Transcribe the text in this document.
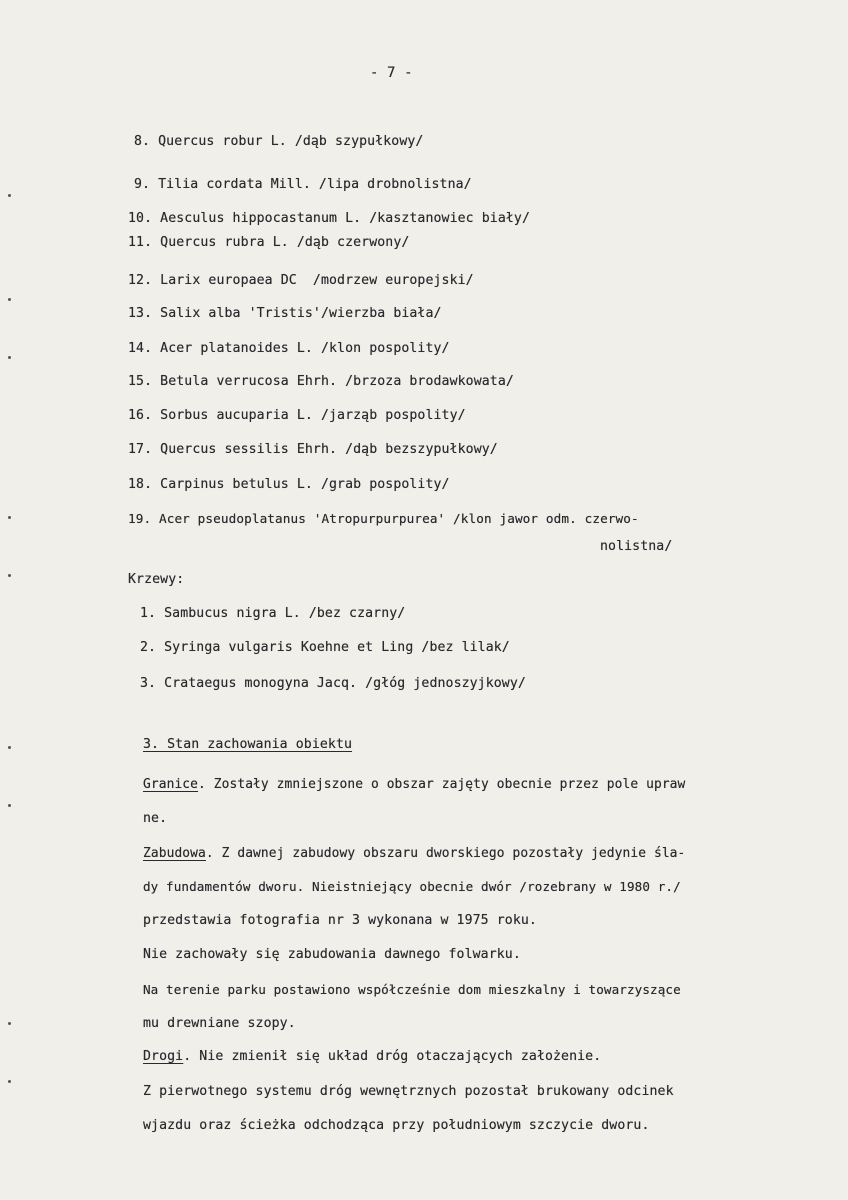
- 7 -
8. Quercus robur L. /dąb szypułkowy/
9. Tilia cordata Mill. /lipa drobnolistna/
10. Aesculus hippocastanum L. /kasztanowiec biały/
11. Quercus rubra L. /dąb czerwony/
12. Larix europaea DC  /modrzew europejski/
13. Salix alba 'Tristis'/wierzba biała/
14. Acer platanoides L. /klon pospolity/
15. Betula verrucosa Ehrh. /brzoza brodawkowata/
16. Sorbus aucuparia L. /jarząb pospolity/
17. Quercus sessilis Ehrh. /dąb bezszypułkowy/
18. Carpinus betulus L. /grab pospolity/
19. Acer pseudoplatanus 'Atropurpurpurea' /klon jawor odm. czerwo-
nolistna/
Krzewy:
1. Sambucus nigra L. /bez czarny/
2. Syringa vulgaris Koehne et Ling /bez lilak/
3. Crataegus monogyna Jacq. /głóg jednoszyjkowy/
3. Stan zachowania obiektu
Granice. Zostały zmniejszone o obszar zajęty obecnie przez pole upraw
ne.
Zabudowa. Z dawnej zabudowy obszaru dworskiego pozostały jedynie śla-
dy fundamentów dworu. Nieistniejący obecnie dwór /rozebrany w 1980 r./
przedstawia fotografia nr 3 wykonana w 1975 roku.
Nie zachowały się zabudowania dawnego folwarku.
Na terenie parku postawiono współcześnie dom mieszkalny i towarzyszące
mu drewniane szopy.
Drogi. Nie zmienił się układ dróg otaczających założenie.
Z pierwotnego systemu dróg wewnętrznych pozostał brukowany odcinek
wjazdu oraz ścieżka odchodząca przy południowym szczycie dworu.
